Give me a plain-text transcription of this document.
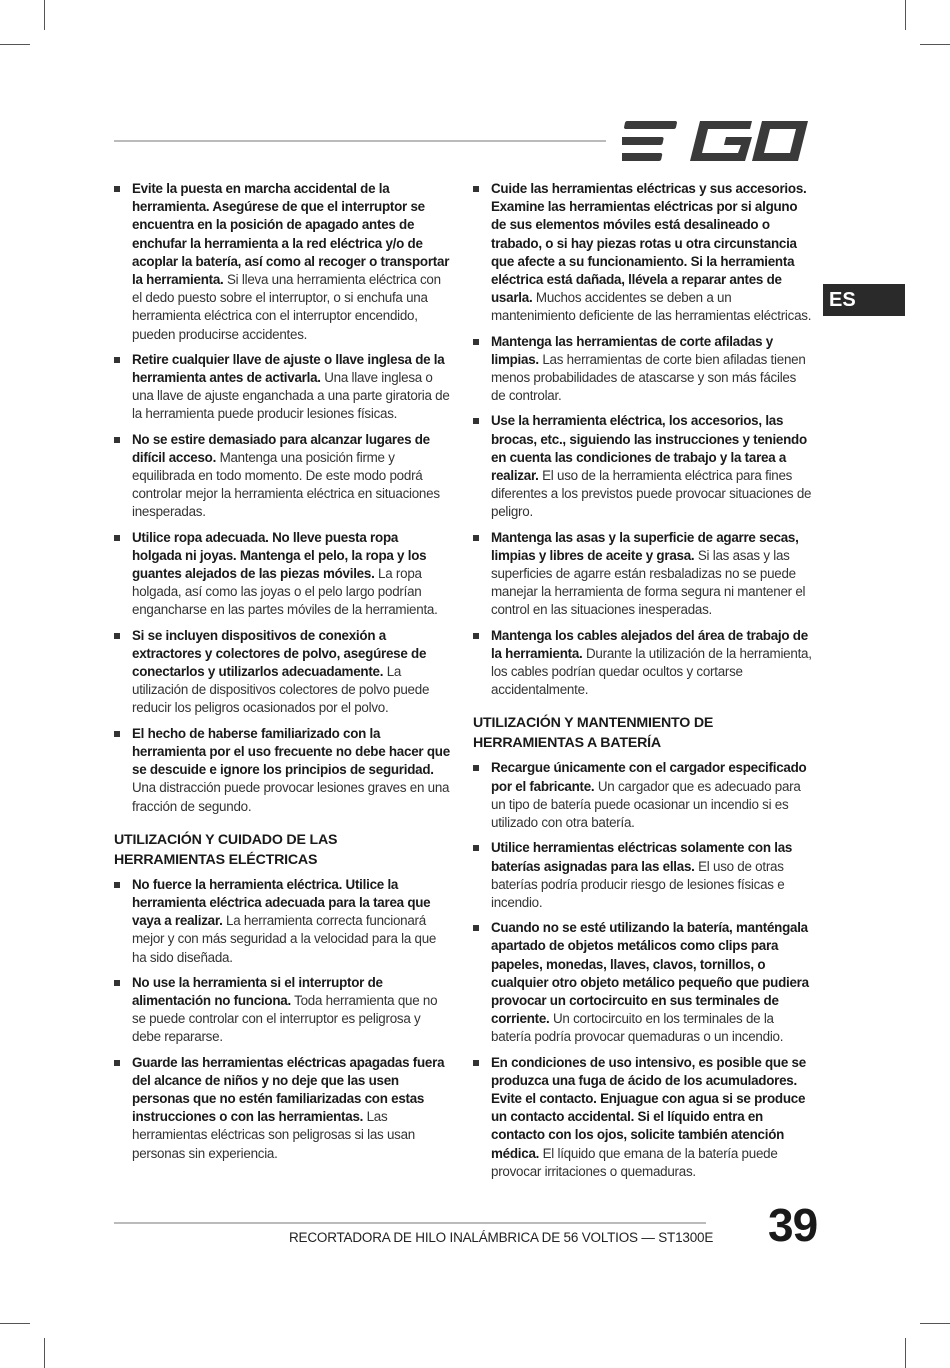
ES
Evite la puesta en marcha accidental de la herramienta. Asegúrese de que el interruptor se encuentra en la posición de apagado antes de enchufar la herramienta a la red eléctrica y/o de acoplar la batería, así como al recoger o transportar la herramienta. Si lleva una herramienta eléctrica con el dedo puesto sobre el interruptor, o si enchufa una herramienta eléctrica con el interruptor encendido, pueden producirse accidentes.
Retire cualquier llave de ajuste o llave inglesa de la herramienta antes de activarla. Una llave inglesa o una llave de ajuste enganchada a una parte giratoria de la herramienta puede producir lesiones físicas.
No se estire demasiado para alcanzar lugares de difícil acceso. Mantenga una posición firme y equilibrada en todo momento. De este modo podrá controlar mejor la herramienta eléctrica en situaciones inesperadas.
Utilice ropa adecuada. No lleve puesta ropa holgada ni joyas. Mantenga el pelo, la ropa y los guantes alejados de las piezas móviles. La ropa holgada, así como las joyas o el pelo largo podrían engancharse en las partes móviles de la herramienta.
Si se incluyen dispositivos de conexión a extractores y colectores de polvo, asegúrese de conectarlos y utilizarlos adecuadamente. La utilización de dispositivos colectores de polvo puede reducir los peligros ocasionados por el polvo.
El hecho de haberse familiarizado con la herramienta por el uso frecuente no debe hacer que se descuide e ignore los principios de seguridad. Una distracción puede provocar lesiones graves en una fracción de segundo.
UTILIZACIÓN Y CUIDADO DE LAS HERRAMIENTAS ELÉCTRICAS
No fuerce la herramienta eléctrica. Utilice la herramienta eléctrica adecuada para la tarea que vaya a realizar. La herramienta correcta funcionará mejor y con más seguridad a la velocidad para la que ha sido diseñada.
No use la herramienta si el interruptor de alimentación no funciona. Toda herramienta que no se puede controlar con el interruptor es peligrosa y debe repararse.
Guarde las herramientas eléctricas apagadas fuera del alcance de niños y no deje que las usen personas que no estén familiarizadas con estas instrucciones o con las herramientas. Las herramientas eléctricas son peligrosas si las usan personas sin experiencia.
Cuide las herramientas eléctricas y sus accesorios. Examine las herramientas eléctricas por si alguno de sus elementos móviles está desalineado o trabado, o si hay piezas rotas u otra circunstancia que afecte a su funcionamiento. Si la herramienta eléctrica está dañada, llévela a reparar antes de usarla. Muchos accidentes se deben a un mantenimiento deficiente de las herramientas eléctricas.
Mantenga las herramientas de corte afiladas y limpias. Las herramientas de corte bien afiladas tienen menos probabilidades de atascarse y son más fáciles de controlar.
Use la herramienta eléctrica, los accesorios, las brocas, etc., siguiendo las instrucciones y teniendo en cuenta las condiciones de trabajo y la tarea a realizar. El uso de la herramienta eléctrica para fines diferentes a los previstos puede provocar situaciones de peligro.
Mantenga las asas y la superficie de agarre secas, limpias y libres de aceite y grasa. Si las asas y las superficies de agarre están resbaladizas no se puede manejar la herramienta de forma segura ni mantener el control en las situaciones inesperadas.
Mantenga los cables alejados del área de trabajo de la herramienta. Durante la utilización de la herramienta, los cables podrían quedar ocultos y cortarse accidentalmente.
UTILIZACIÓN Y MANTENMIENTO DE HERRAMIENTAS A BATERÍA
Recargue únicamente con el cargador especificado por el fabricante. Un cargador que es adecuado para un tipo de batería puede ocasionar un incendio si es utilizado con otra batería.
Utilice herramientas eléctricas solamente con las baterías asignadas para las ellas. El uso de otras baterías podría producir riesgo de lesiones físicas e incendio.
Cuando no se esté utilizando la batería, manténgala apartado de objetos metálicos como clips para papeles, monedas, llaves, clavos, tornillos, o cualquier otro objeto metálico pequeño que pudiera provocar un cortocircuito en sus terminales de corriente. Un cortocircuito en los terminales de la batería podría provocar quemaduras o un incendio.
En condiciones de uso intensivo, es posible que se produzca una fuga de ácido de los acumuladores. Evite el contacto. Enjuague con agua si se produce un contacto accidental. Si el líquido entra en contacto con los ojos, solicite también atención médica. El líquido que emana de la batería puede provocar irritaciones o quemaduras.
RECORTADORA DE HILO INALÁMBRICA DE 56 VOLTIOS — ST1300E 39
